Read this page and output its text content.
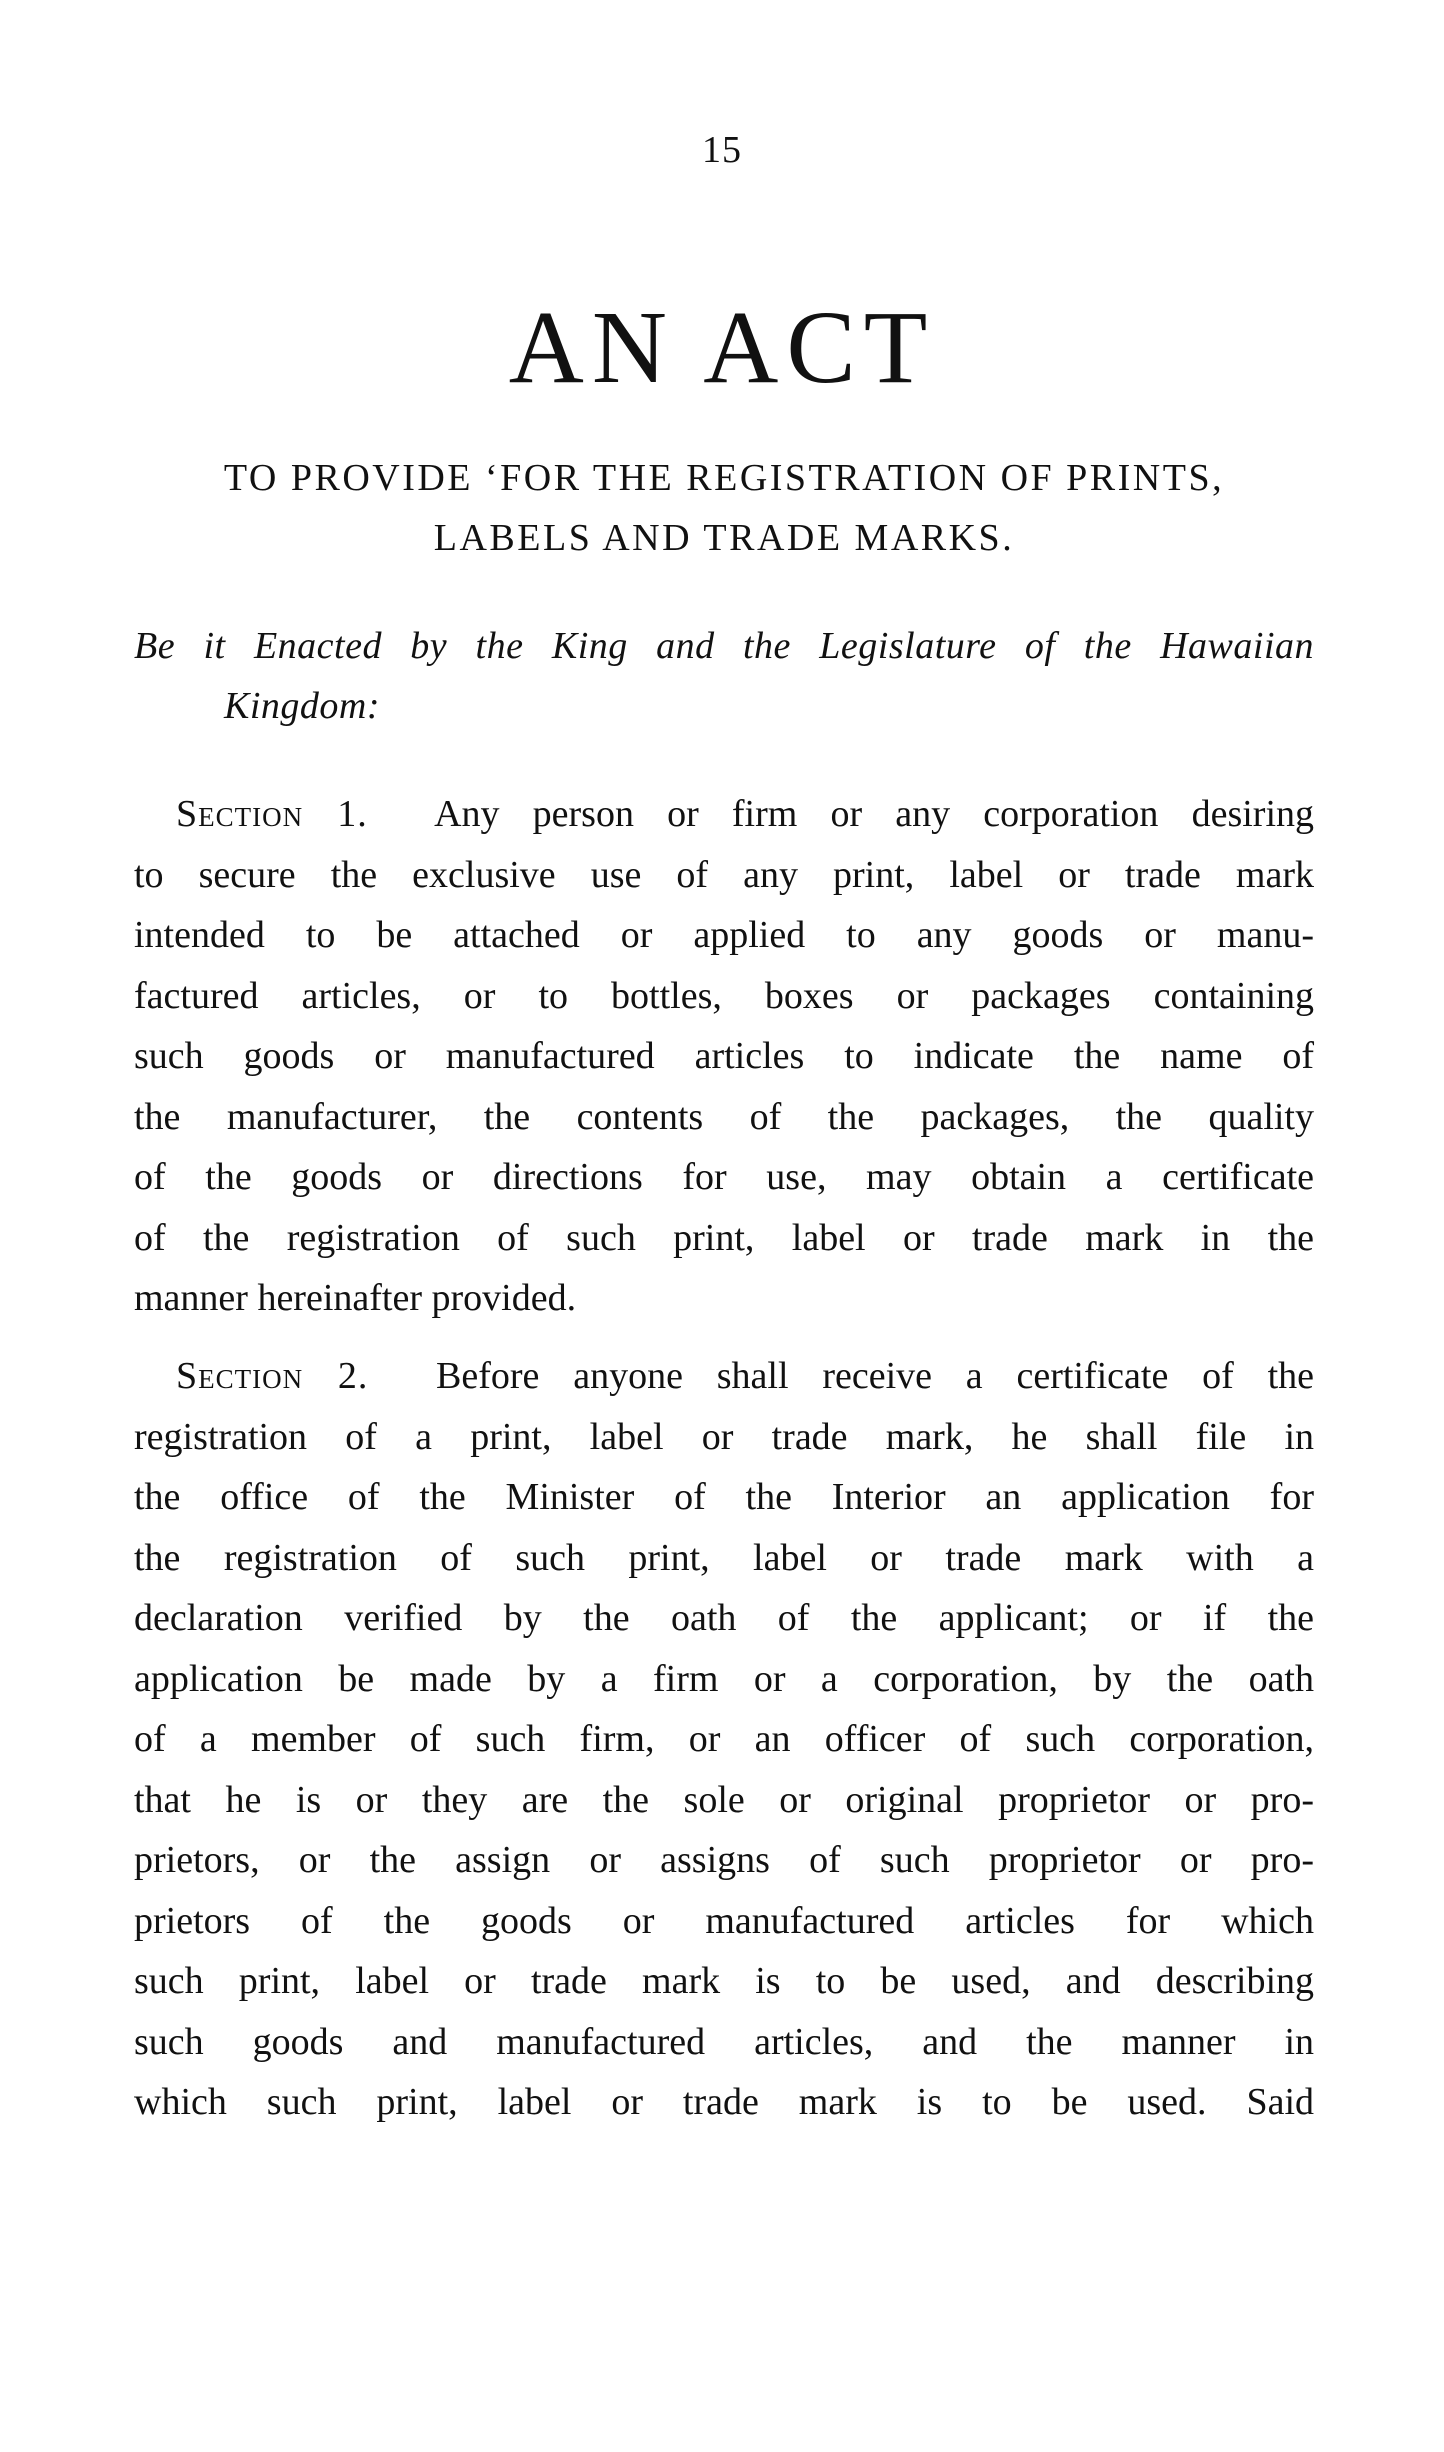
15
AN ACT
TO PROVIDE ‘FOR THE REGISTRATION OF PRINTS,
LABELS AND TRADE MARKS.
Be it Enacted by the King and the Legislature of the Hawaiian
Kingdom:
Section 1. Any person or firm or any corporation desiring
to secure the exclusive use of any print, label or trade mark
intended to be attached or applied to any goods or manu-
factured articles, or to bottles, boxes or packages containing
such goods or manufactured articles to indicate the name of
the manufacturer, the contents of the packages, the quality
of the goods or directions for use, may obtain a certificate
of the registration of such print, label or trade mark in the
manner hereinafter provided.
Section 2. Before anyone shall receive a certificate of the
registration of a print, label or trade mark, he shall file in
the office of the Minister of the Interior an application for
the registration of such print, label or trade mark with a
declaration verified by the oath of the applicant; or if the
application be made by a firm or a corporation, by the oath
of a member of such firm, or an officer of such corporation,
that he is or they are the sole or original proprietor or pro-
prietors, or the assign or assigns of such proprietor or pro-
prietors of the goods or manufactured articles for which
such print, label or trade mark is to be used, and describing
such goods and manufactured articles, and the manner in
which such print, label or trade mark is to be used. Said
